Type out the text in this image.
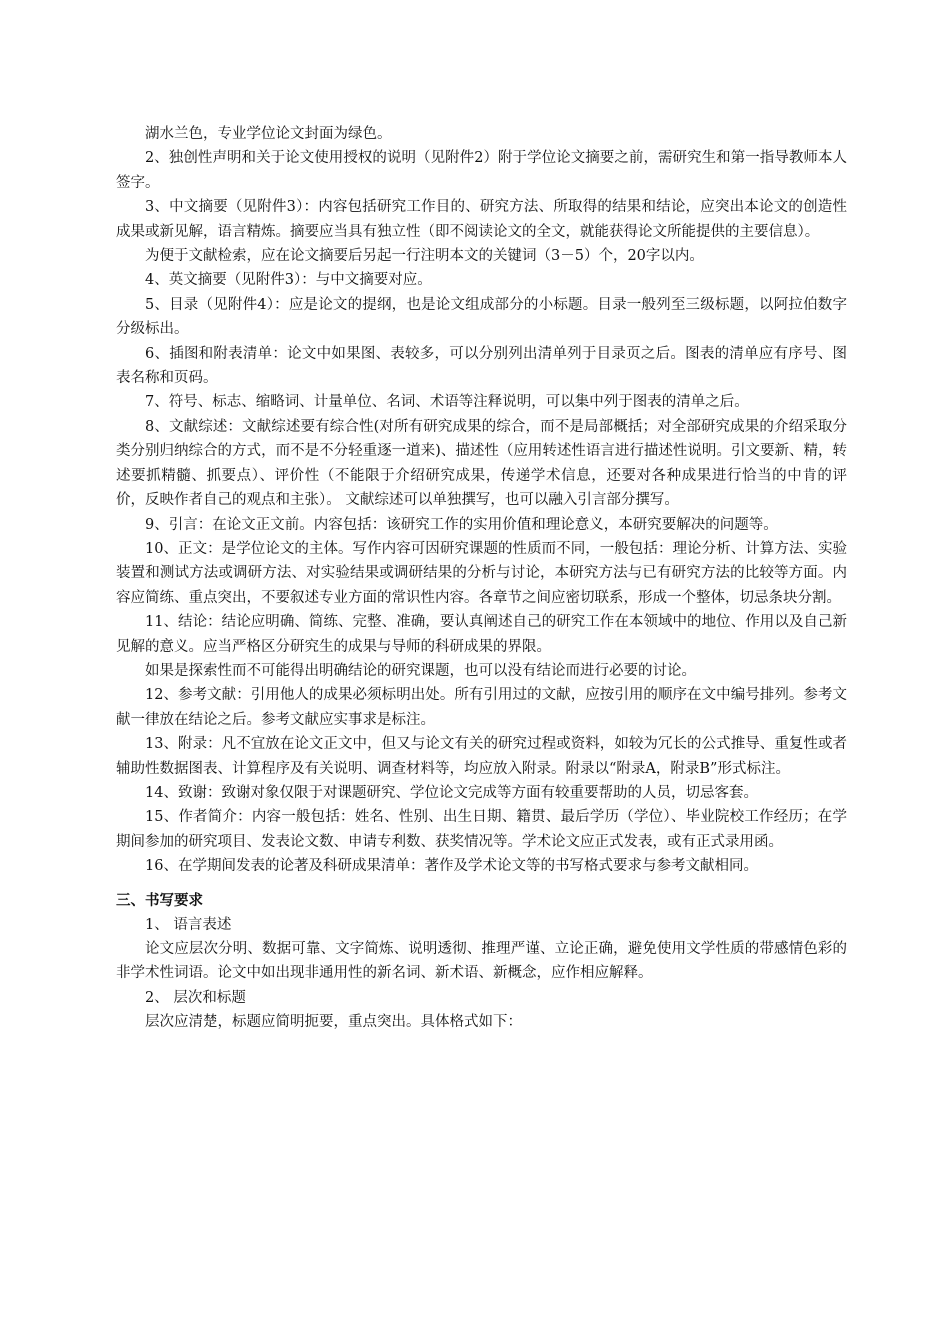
湖水兰色，专业学位论文封面为绿色。

2、独创性声明和关于论文使用授权的说明（见附件2）附于学位论文摘要之前，需研究生和第一指导教师本人签字。

3、中文摘要（见附件3）：内容包括研究工作目的、研究方法、所取得的结果和结论，应突出本论文的创造性成果或新见解，语言精炼。摘要应当具有独立性（即不阅读论文的全文，就能获得论文所能提供的主要信息）。

为便于文献检索，应在论文摘要后另起一行注明本文的关键词（3－5）个，20字以内。

4、英文摘要（见附件3）：与中文摘要对应。

5、目录（见附件4）：应是论文的提纲，也是论文组成部分的小标题。目录一般列至三级标题，以阿拉伯数字分级标出。

6、插图和附表清单：论文中如果图、表较多，可以分别列出清单列于目录页之后。图表的清单应有序号、图表名称和页码。

7、符号、标志、缩略词、计量单位、名词、术语等注释说明，可以集中列于图表的清单之后。

8、文献综述：文献综述要有综合性(对所有研究成果的综合，而不是局部概括；对全部研究成果的介绍采取分类分别归纳综合的方式，而不是不分轻重逐一道来)、描述性（应用转述性语言进行描述性说明。引文要新、精，转述要抓精髓、抓要点）、评价性（不能限于介绍研究成果，传递学术信息，还要对各种成果进行恰当的中肯的评价，反映作者自己的观点和主张）。 文献综述可以单独撰写，也可以融入引言部分撰写。

9、引言：在论文正文前。内容包括：该研究工作的实用价值和理论意义，本研究要解决的问题等。

10、正文：是学位论文的主体。写作内容可因研究课题的性质而不同，一般包括：理论分析、计算方法、实验装置和测试方法或调研方法、对实验结果或调研结果的分析与讨论，本研究方法与已有研究方法的比较等方面。内容应简练、重点突出，不要叙述专业方面的常识性内容。各章节之间应密切联系，形成一个整体，切忌条块分割。

11、结论：结论应明确、简练、完整、准确，要认真阐述自己的研究工作在本领域中的地位、作用以及自己新见解的意义。应当严格区分研究生的成果与导师的科研成果的界限。

如果是探索性而不可能得出明确结论的研究课题，也可以没有结论而进行必要的讨论。

12、参考文献：引用他人的成果必须标明出处。所有引用过的文献，应按引用的顺序在文中编号排列。参考文献一律放在结论之后。参考文献应实事求是标注。

13、附录：凡不宜放在论文正文中，但又与论文有关的研究过程或资料，如较为冗长的公式推导、重复性或者辅助性数据图表、计算程序及有关说明、调查材料等，均应放入附录。附录以“附录A，附录B”形式标注。

14、致谢：致谢对象仅限于对课题研究、学位论文完成等方面有较重要帮助的人员，切忌客套。

15、作者简介：内容一般包括：姓名、性别、出生日期、籍贯、最后学历（学位）、毕业院校工作经历；在学期间参加的研究项目、发表论文数、申请专利数、获奖情况等。学术论文应正式发表，或有正式录用函。

16、在学期间发表的论著及科研成果清单：著作及学术论文等的书写格式要求与参考文献相同。

三、书写要求

1、 语言表述

论文应层次分明、数据可靠、文字简炼、说明透彻、推理严谨、立论正确，避免使用文学性质的带感情色彩的非学术性词语。论文中如出现非通用性的新名词、新术语、新概念，应作相应解释。

2、 层次和标题

层次应清楚，标题应简明扼要，重点突出。具体格式如下：
